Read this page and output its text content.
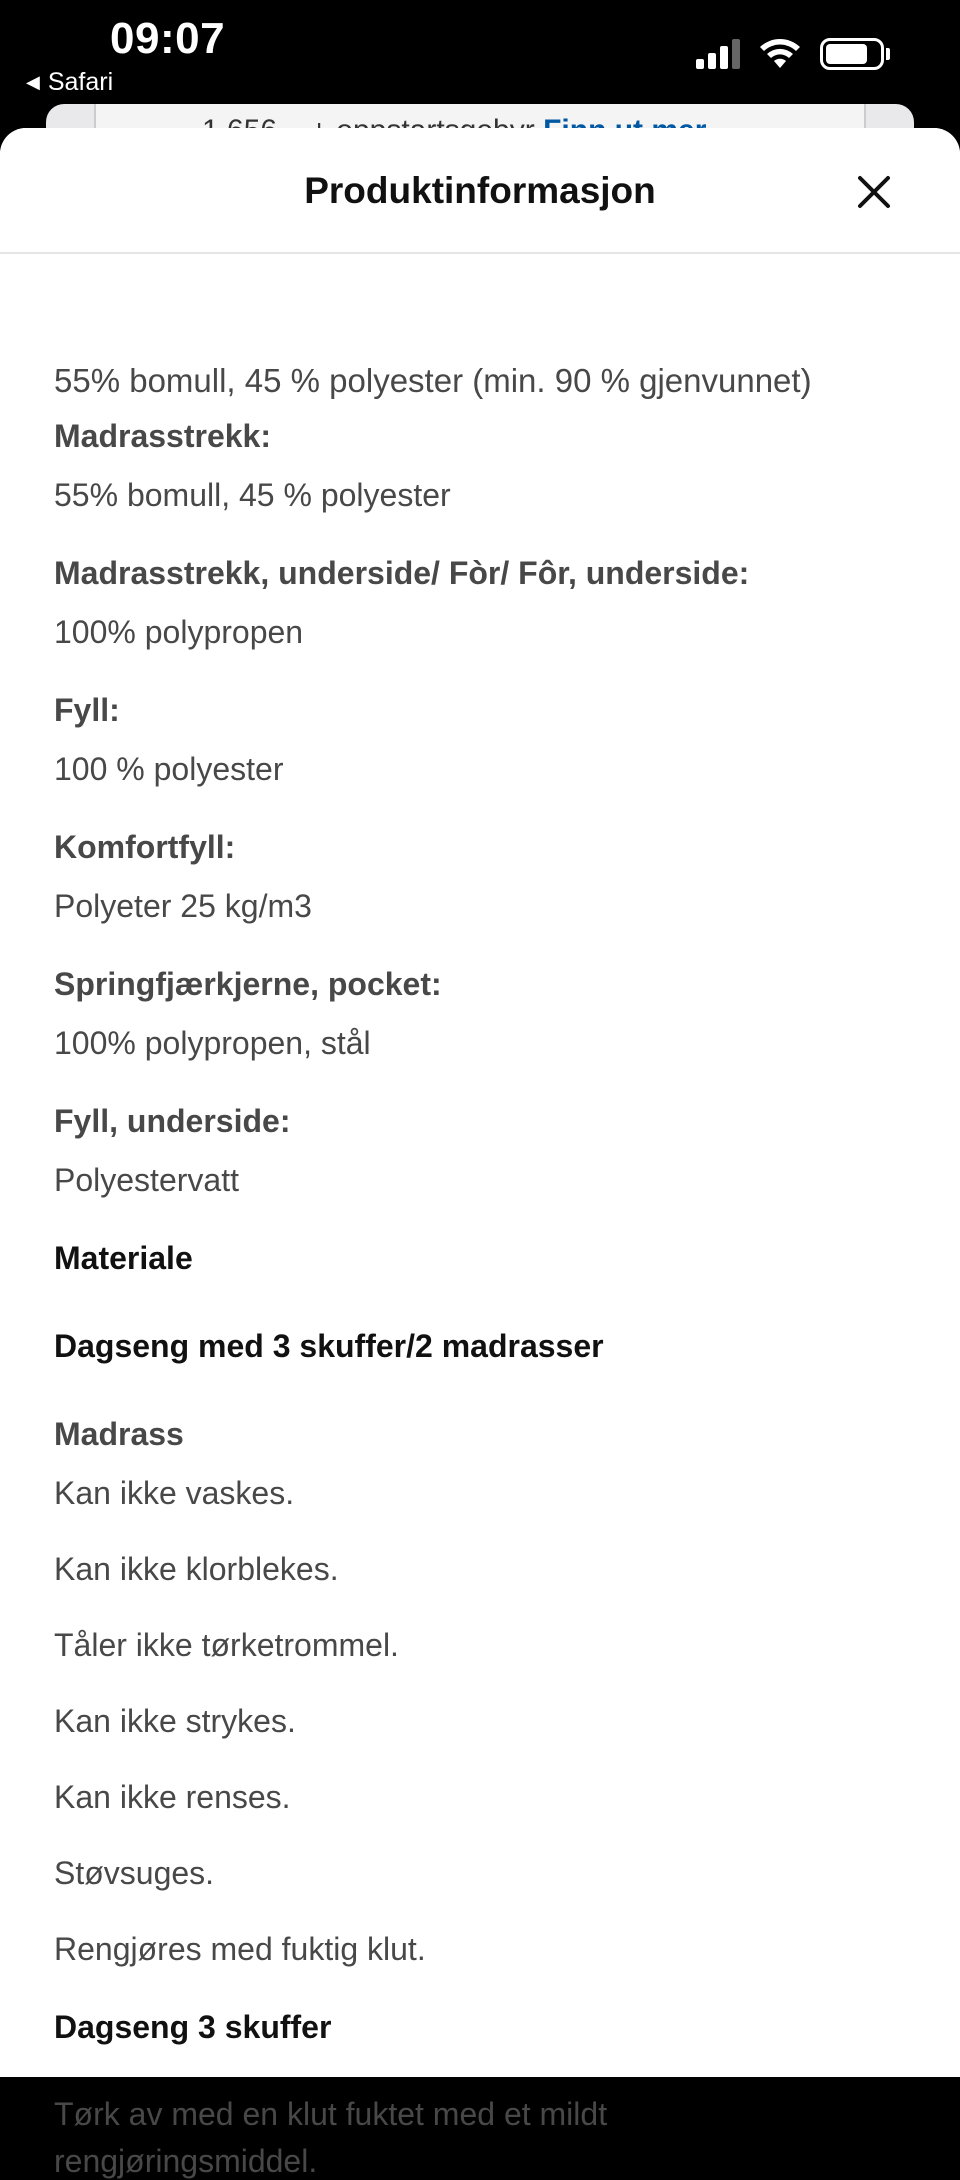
09:07
◀ Safari
Produktinformasjon
55% bomull, 45 % polyester (min. 90 % gjenvunnet)
Madrasstrekk:
55% bomull, 45 % polyester
Madrasstrekk, underside/ Fòr/ Fôr, underside:
100% polypropen
Fyll:
100 % polyester
Komfortfyll:
Polyeter 25 kg/m3
Springfjærkjerne, pocket:
100% polypropen, stål
Fyll, underside:
Polyestervatt
Materiale
Dagseng med 3 skuffer/2 madrasser
Madrass
Kan ikke vaskes.
Kan ikke klorblekes.
Tåler ikke tørketrommel.
Kan ikke strykes.
Kan ikke renses.
Støvsuges.
Rengjøres med fuktig klut.
Dagseng 3 skuffer
Tørk av med en klut fuktet med et mildt
rengjøringsmiddel.
